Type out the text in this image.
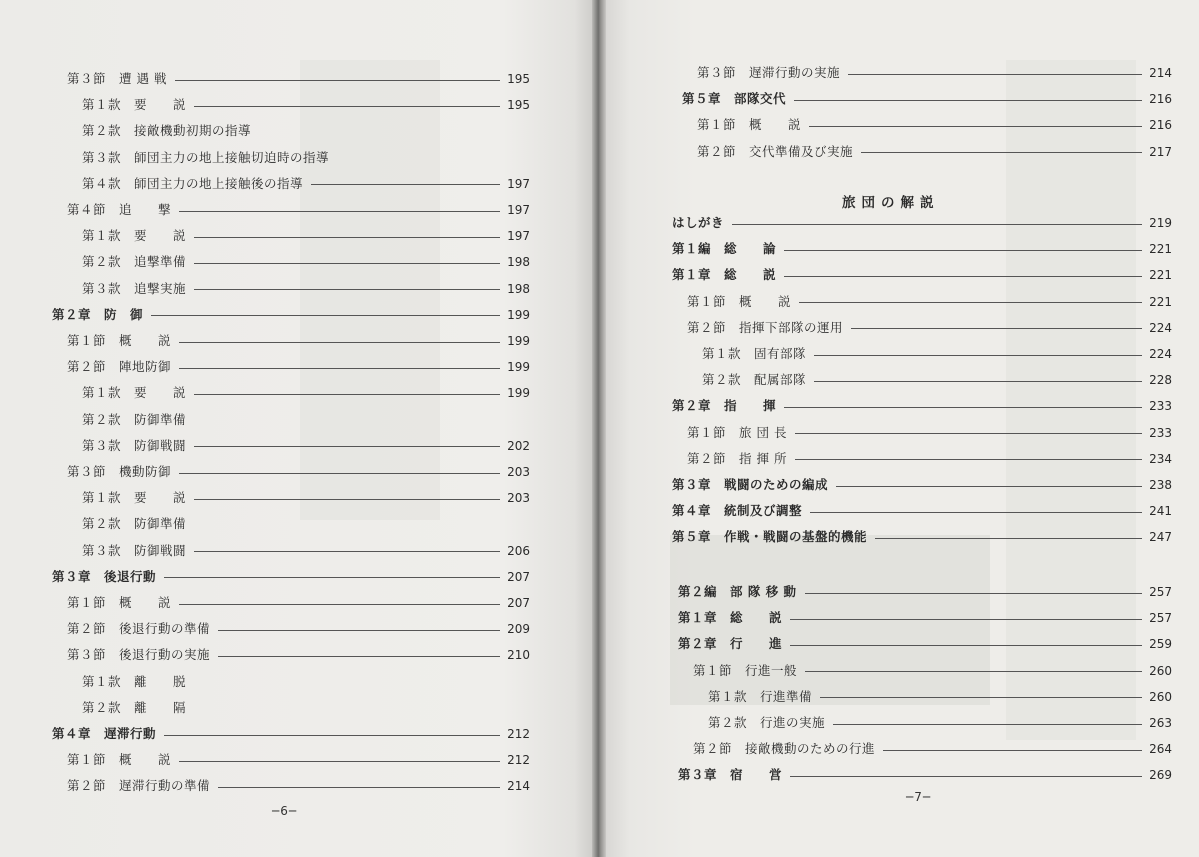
第３節　遭 遇 戦	195
第１款　要　　説	195
第２款　接敵機動初期の指導
第３款　師団主力の地上接触切迫時の指導
第４款　師団主力の地上接触後の指導	197
第４節　追　　撃	197
第１款　要　　説	197
第２款　追撃準備	198
第３款　追撃実施	198
第２章　防　御	199
第１節　概　　説	199
第２節　陣地防御	199
第１款　要　　説	199
第２款　防御準備
第３款　防御戦闘	202
第３節　機動防御	203
第１款　要　　説	203
第２款　防御準備
第３款　防御戦闘	206
第３章　後退行動	207
第１節　概　　説	207
第２節　後退行動の準備	209
第３節　後退行動の実施	210
第１款　離　　脱
第２款　離　　隔
第４章　遅滞行動	212
第１節　概　　説	212
第２節　遅滞行動の準備	214
─6─
第３節　遅滞行動の実施	214
第５章　部隊交代	216
第１節　概　　説	216
第２節　交代準備及び実施	217
はしがき	219
第１編　総　　論	221
第１章　総　　説	221
第１節　概　　説	221
第２節　指揮下部隊の運用	224
第１款　固有部隊	224
第２款　配属部隊	228
第２章　指　　揮	233
第１節　旅 団 長	233
第２節　指 揮 所	234
第３章　戦闘のための編成	238
第４章　統制及び調整	241
第５章　作戦・戦闘の基盤的機能	247
第２編　部 隊 移 動	257
第１章　総　　説	257
第２章　行　　進	259
第１節　行進一般	260
第１款　行進準備	260
第２款　行進の実施	263
第２節　接敵機動のための行進	264
第３章　宿　　営	269
旅団の解説
─7─
